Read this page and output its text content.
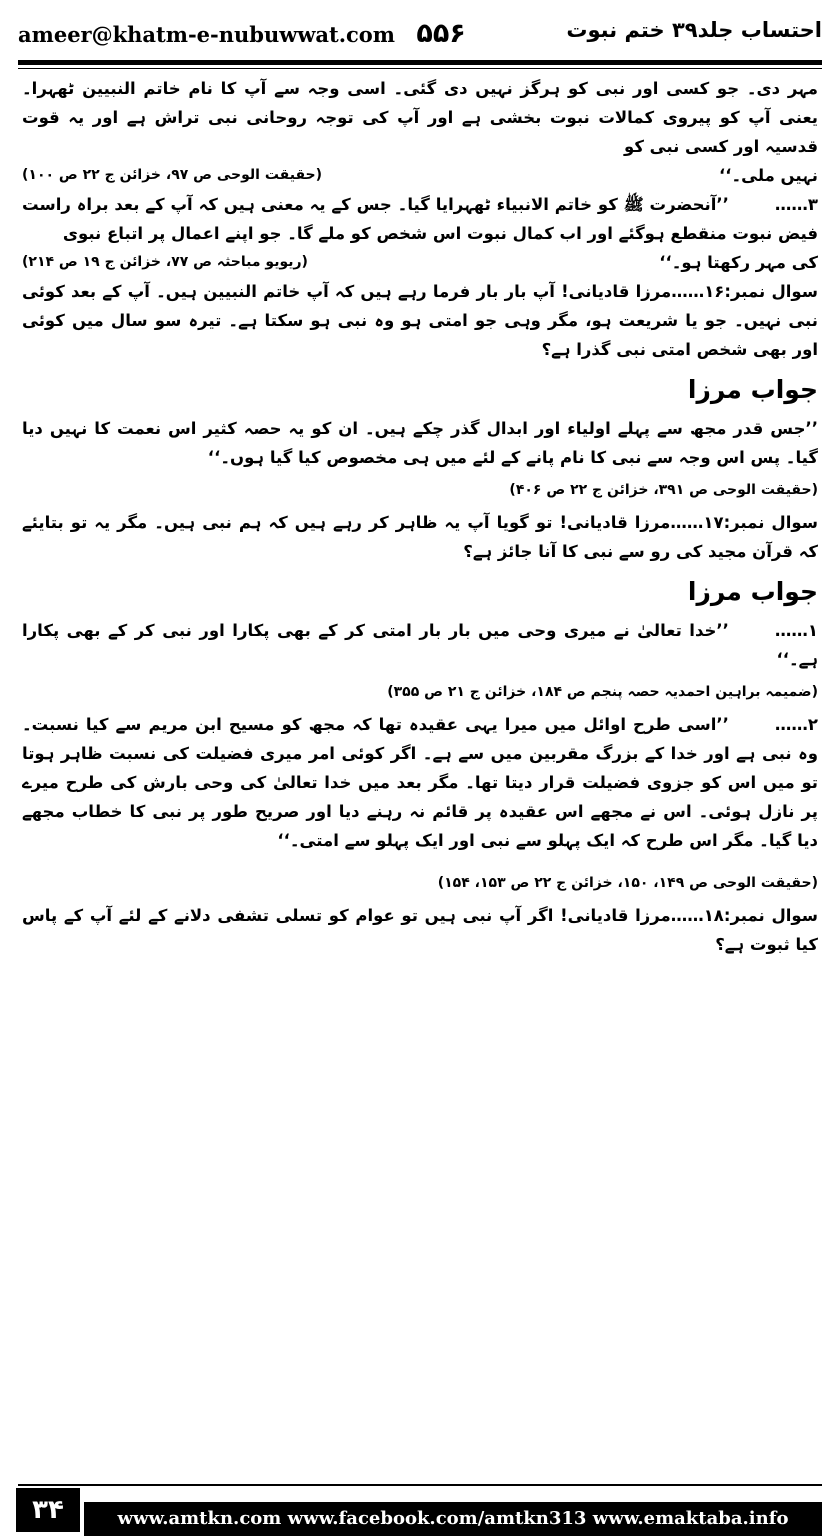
ameer@khatm-e-nubuwwat.com ۵۵۶	احتساب جلد۳۹ ختم نبوت

مہر دی۔ جو کسی اور نبی کو ہرگز نہیں دی گئی۔ اسی وجہ سے آپ کا نام خاتم النبیین ٹھہرا۔ یعنی آپ کو پیروی کمالات نبوت بخشی ہے اور آپ کی توجہ روحانی نبی تراش ہے اور یہ قوت قدسیہ اور کسی نبی کو

نہیں ملی۔‘‘
(حقیقت الوحی ص ۹۷، خزائن ج ۲۲ ص ۱۰۰)

۳……’’آنحضرت ﷺ کو خاتم الانبیاء ٹھہرایا گیا۔ جس کے یہ معنی ہیں کہ آپ کے بعد براہ راست فیض نبوت منقطع ہوگئے اور اب کمال نبوت اس شخص کو ملے گا۔ جو اپنے اعمال پر اتباع نبوی

کی مہر رکھتا ہو۔‘‘
(ریویو مباحثہ ص ۷۷، خزائن ج ۱۹ ص ۲۱۴)

سوال نمبر:۱۶……مرزا قادیانی! آپ بار بار فرما رہے ہیں کہ آپ خاتم النبیین ہیں۔ آپ کے بعد کوئی نبی نہیں۔ جو یا شریعت ہو، مگر وہی جو امتی ہو وہ نبی ہو سکتا ہے۔ تیرہ سو سال میں کوئی اور بھی شخص امتی نبی گذرا ہے؟

جواب مرزا

’’جس قدر مجھ سے پہلے اولیاء اور ابدال گذر چکے ہیں۔ ان کو یہ حصہ کثیر اس نعمت کا نہیں دیا گیا۔ پس اس وجہ سے نبی کا نام پانے کے لئے میں ہی مخصوص کیا گیا ہوں۔‘‘

(حقیقت الوحی ص ۳۹۱، خزائن ج ۲۲ ص ۴۰۶)

سوال نمبر:۱۷……مرزا قادیانی! تو گویا آپ یہ ظاہر کر رہے ہیں کہ ہم نبی ہیں۔ مگر یہ تو بتایئے کہ قرآن مجید کی رو سے نبی کا آنا جائز ہے؟

جواب مرزا

۱……’’خدا تعالیٰ نے میری وحی میں بار بار امتی کر کے بھی پکارا اور نبی کر کے بھی پکارا ہے۔‘‘

(ضمیمہ براہین احمدیہ حصہ پنجم ص ۱۸۴، خزائن ج ۲۱ ص ۳۵۵)

۲……’’اسی طرح اوائل میں میرا یہی عقیدہ تھا کہ مجھ کو مسیح ابن مریم سے کیا نسبت۔ وہ نبی ہے اور خدا کے بزرگ مقربین میں سے ہے۔ اگر کوئی امر میری فضیلت کی نسبت ظاہر ہوتا تو میں اس کو جزوی فضیلت قرار دیتا تھا۔ مگر بعد میں خدا تعالیٰ کی وحی بارش کی طرح میرے پر نازل ہوئی۔ اس نے مجھے اس عقیدہ پر قائم نہ رہنے دیا اور صریح طور پر نبی کا خطاب مجھے دیا گیا۔ مگر اس طرح کہ ایک پہلو سے نبی اور ایک پہلو سے امتی۔‘‘

(حقیقت الوحی ص ۱۴۹، ۱۵۰، خزائن ج ۲۲ ص ۱۵۳، ۱۵۴)

سوال نمبر:۱۸……مرزا قادیانی! اگر آپ نبی ہیں تو عوام کو تسلی تشفی دلانے کے لئے آپ کے پاس کیا ثبوت ہے؟

۳۴	www.amtkn.com www.facebook.com/amtkn313 www.emaktaba.info
